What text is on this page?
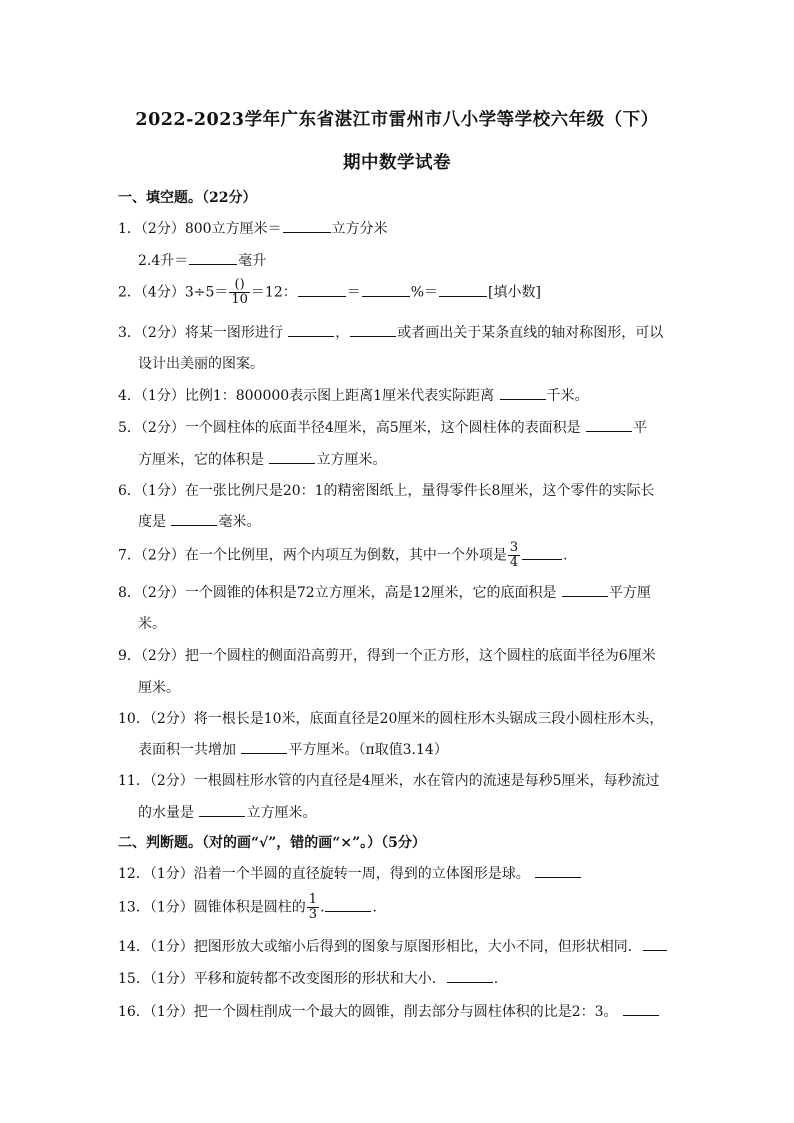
2022-2023学年广东省湛江市雷州市八小学等学校六年级（下）
期中数学试卷
一、填空题。（22分）
1．（2分）800立方厘米＝	立方分米
2.4升＝	毫升
2．（4分）$3\div 5= \frac{()}{10} =12$：	＝	%＝	[填小数]
3．（2分）将某一图形进行	，	或者画出关于某条直线的轴对称图形，可以
设计出美丽的图案。
4．（1分）比例1：800000表示图上距离1厘米代表实际距离	千米。
5．（2分）一个圆柱体的底面半径4厘米，高5厘米，这个圆柱体的表面积是	平
方厘米，它的体积是	立方厘米。
6．（1分）在一张比例尺是20：1的精密图纸上，量得零件长8厘米，这个零件的实际长
度是	毫米。
7．（2分）在一个比例里，两个内项互为倒数，其中一个外项是 $\frac{3}{4}$	.
8．（2分）一个圆锥的体积是72立方厘米，高是12厘米，它的底面积是	平方厘
米。
9．（2分）把一个圆柱的侧面沿高剪开，得到一个正方形，这个圆柱的底面半径为6厘米
厘米。
10．（2分）将一根长是10米，底面直径是20厘米的圆柱形木头锯成三段小圆柱形木头，
表面积一共增加	平方厘米。（π取值3.14）
11．（2分）一根圆柱形水管的内直径是4厘米，水在管内的流速是每秒5厘米，每秒流过
的水量是	立方厘米。
二、判断题。（对的画“√”，错的画“×”。）（5分）
12．（1分）沿着一个半圆的直径旋转一周，得到的立体图形是球。
13．（1分）圆锥体积是圆柱的 $\frac{1}{3}$ .	.
14．（1分）把图形放大或缩小后得到的图象与原图形相比，大小不同，但形状相同．
15．（1分）平移和旋转都不改变图形的形状和大小．	.
16．（1分）把一个圆柱削成一个最大的圆锥，削去部分与圆柱体积的比是2：3。
